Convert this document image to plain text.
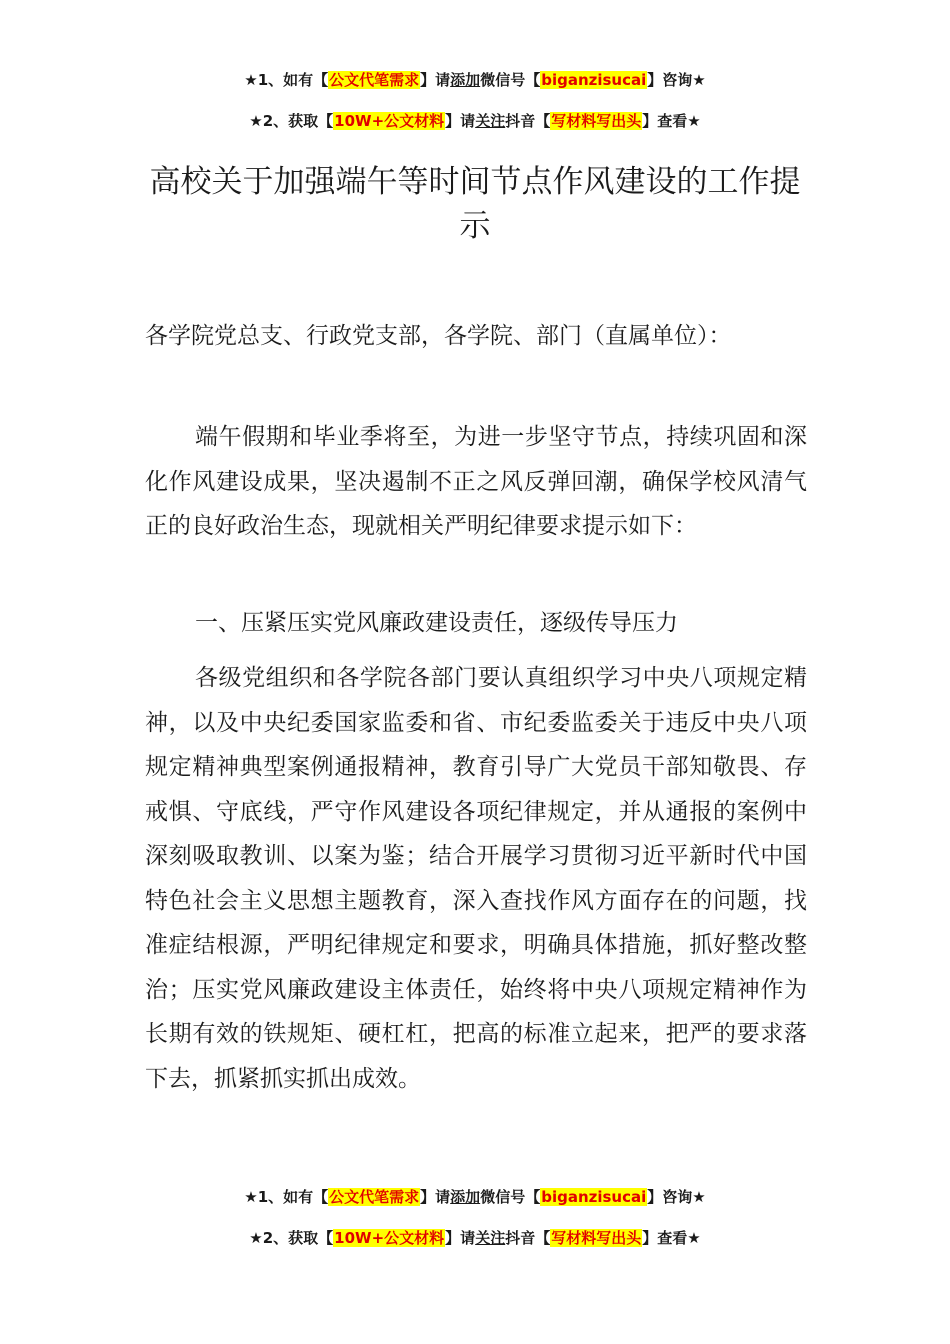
★1、如有【公文代笔需求】请添加微信号【biganzisucai】咨询★
★2、获取【10W+公文材料】请关注抖音【写材料写出头】查看★
高校关于加强端午等时间节点作风建设的工作提示
各学院党总支、行政党支部，各学院、部门（直属单位）：
端午假期和毕业季将至，为进一步坚守节点，持续巩固和深化作风建设成果，坚决遏制不正之风反弹回潮，确保学校风清气正的良好政治生态，现就相关严明纪律要求提示如下：
一、压紧压实党风廉政建设责任，逐级传导压力
各级党组织和各学院各部门要认真组织学习中央八项规定精神，以及中央纪委国家监委和省、市纪委监委关于违反中央八项规定精神典型案例通报精神，教育引导广大党员干部知敬畏、存戒惧、守底线，严守作风建设各项纪律规定，并从通报的案例中深刻吸取教训、以案为鉴；结合开展学习贯彻习近平新时代中国特色社会主义思想主题教育，深入查找作风方面存在的问题，找准症结根源，严明纪律规定和要求，明确具体措施，抓好整改整治；压实党风廉政建设主体责任，始终将中央八项规定精神作为长期有效的铁规矩、硬杠杠，把高的标准立起来，把严的要求落下去，抓紧抓实抓出成效。
★1、如有【公文代笔需求】请添加微信号【biganzisucai】咨询★
★2、获取【10W+公文材料】请关注抖音【写材料写出头】查看★
